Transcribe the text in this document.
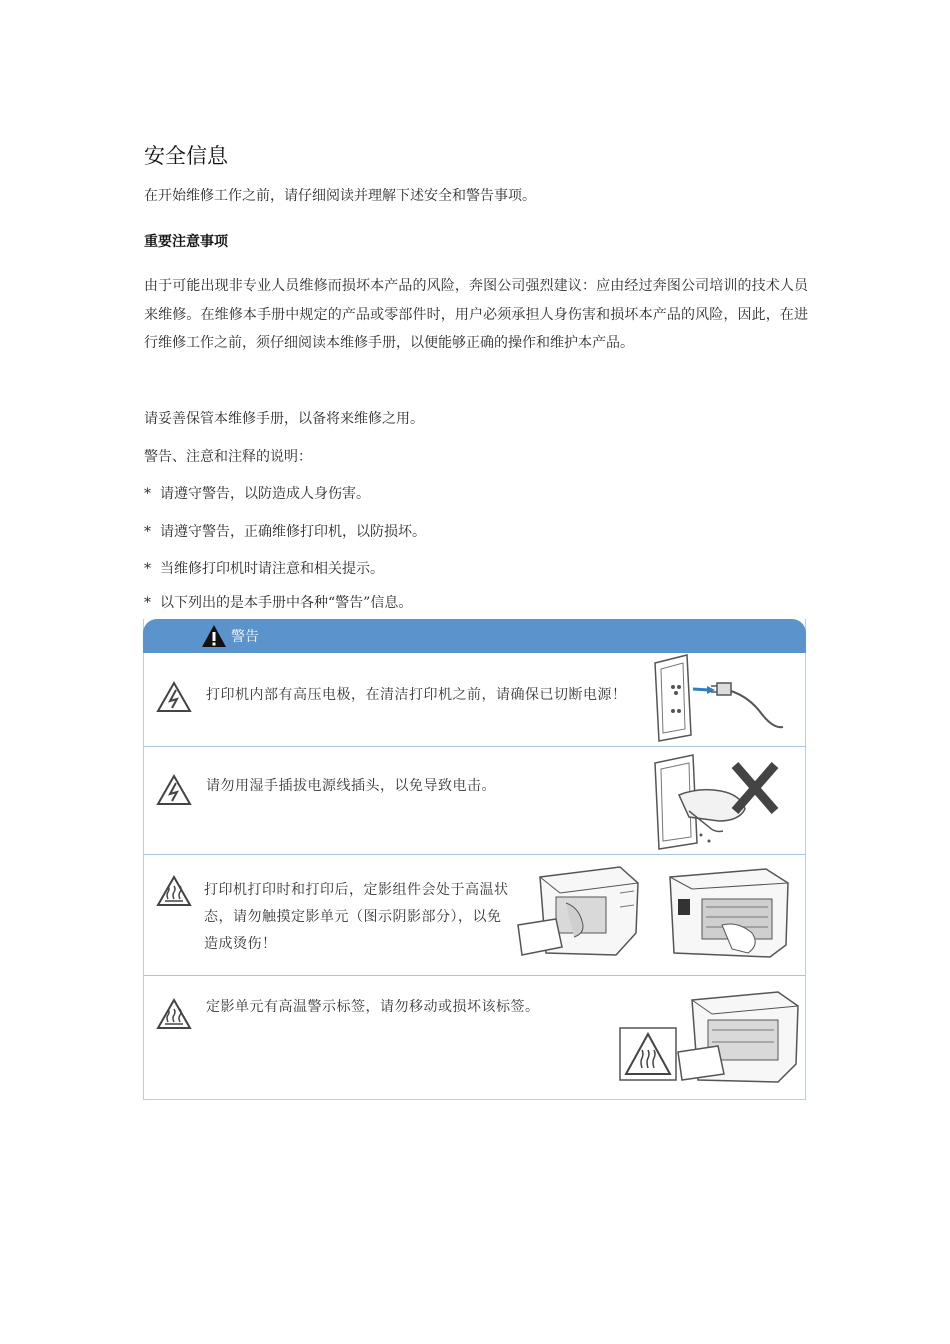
安全信息
在开始维修工作之前，请仔细阅读并理解下述安全和警告事项。
重要注意事项
由于可能出现非专业人员维修而损坏本产品的风险，奔图公司强烈建议：应由经过奔图公司培训的技术人员来维修。在维修本手册中规定的产品或零部件时，用户必须承担人身伤害和损坏本产品的风险，因此，在进行维修工作之前，须仔细阅读本维修手册，以便能够正确的操作和维护本产品。
请妥善保管本维修手册，以备将来维修之用。
警告、注意和注释的说明：
* 请遵守警告，以防造成人身伤害。
* 请遵守警告，正确维修打印机，以防损坏。
* 当维修打印机时请注意和相关提示。
* 以下列出的是本手册中各种“警告”信息。
警告
打印机内部有高压电极，在清洁打印机之前，请确保已切断电源！
请勿用湿手插拔电源线插头，以免导致电击。
打印机打印时和打印后，定影组件会处于高温状态，请勿触摸定影单元（图示阴影部分），以免造成烫伤！
定影单元有高温警示标签，请勿移动或损坏该标签。
